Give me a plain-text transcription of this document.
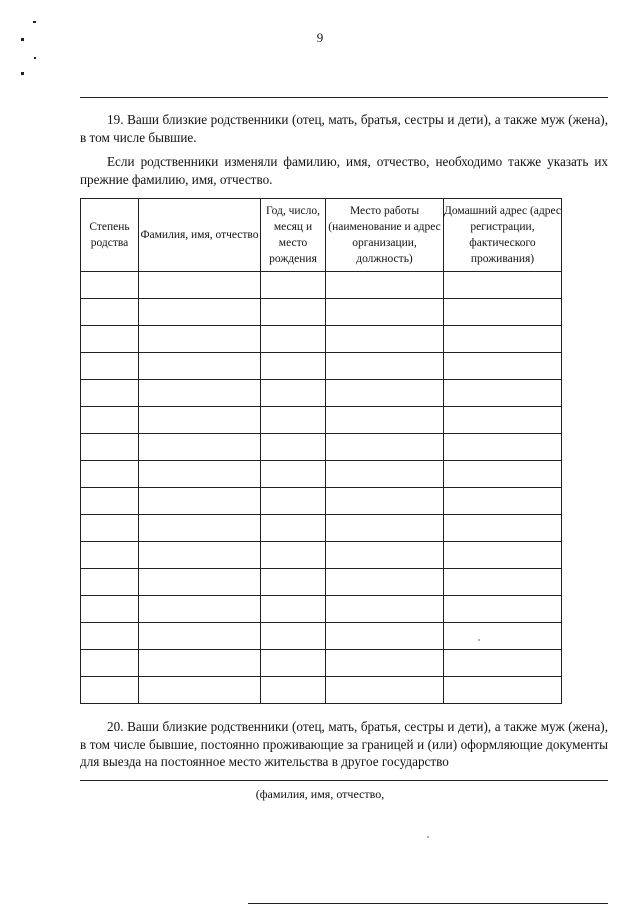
9
19. Ваши близкие родственники (отец, мать, братья, сестры и дети), а также муж (жена), в том числе бывшие.
Если родственники изменяли фамилию, имя, отчество, необходимо также указать их прежние фамилию, имя, отчество.
Степень родства	Фамилия, имя, отчество	Год, число, месяц и место рождения	Место работы (наименование и адрес организации, должность)	Домашний адрес (адрес регистрации, фактического проживания)

20. Ваши близкие родственники (отец, мать, братья, сестры и дети), а также муж (жена), в том числе бывшие, постоянно проживающие за границей и (или) оформляющие документы для выезда на постоянное место жительства в другое государство
(фамилия, имя, отчество,
